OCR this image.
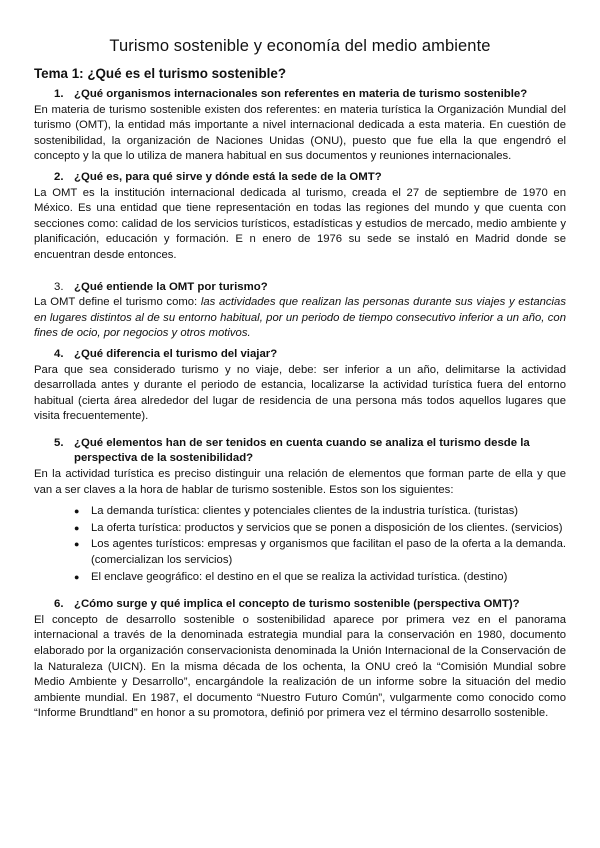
Turismo sostenible y economía del medio ambiente
Tema 1: ¿Qué es el turismo sostenible?
1. ¿Qué organismos internacionales son referentes en materia de turismo sostenible?

En materia de turismo sostenible existen dos referentes: en materia turística la Organización Mundial del turismo (OMT), la entidad más importante a nivel internacional dedicada a esta materia. En cuestión de sostenibilidad, la organización de Naciones Unidas (ONU), puesto que fue ella la que engendró el concepto y la que lo utiliza de manera habitual en sus documentos y reuniones internacionales.

2. ¿Qué es, para qué sirve y dónde está la sede de la OMT?

La OMT es la institución internacional dedicada al turismo, creada el 27 de septiembre de 1970 en México. Es una entidad que tiene representación en todas las regiones del mundo y que cuenta con secciones como: calidad de los servicios turísticos, estadísticas y estudios de mercado, medio ambiente y planificación, educación y formación. E n enero de 1976 su sede se instaló en Madrid donde se encuentran desde entonces.

3. ¿Qué entiende la OMT por turismo?

La OMT define el turismo como: las actividades que realizan las personas durante sus viajes y estancias en lugares distintos al de su entorno habitual, por un periodo de tiempo consecutivo inferior a un año, con fines de ocio, por negocios y otros motivos.

4. ¿Qué diferencia el turismo del viajar?

Para que sea considerado turismo y no viaje, debe: ser inferior a un año, delimitarse la actividad desarrollada antes y durante el periodo de estancia, localizarse la actividad turística fuera del entorno habitual (cierta área alrededor del lugar de residencia de una persona más todos aquellos lugares que visita frecuentemente).

5. ¿Qué elementos han de ser tenidos en cuenta cuando se analiza el turismo desde la perspectiva de la sostenibilidad?

En la actividad turística es preciso distinguir una relación de elementos que forman parte de ella y que van a ser claves a la hora de hablar de turismo sostenible. Estos son los siguientes:

●	La demanda turística: clientes y potenciales clientes de la industria turística. (turistas)
●	La oferta turística: productos y servicios que se ponen a disposición de los clientes. (servicios)
●	Los agentes turísticos: empresas y organismos que facilitan el paso de la oferta a la demanda. (comercializan los servicios)
●	El enclave geográfico: el destino en el que se realiza la actividad turística. (destino)
6. ¿Cómo surge y qué implica el concepto de turismo sostenible (perspectiva OMT)?

El concepto de desarrollo sostenible o sostenibilidad aparece por primera vez en el panorama internacional a través de la denominada estrategia mundial para la conservación en 1980, documento elaborado por la organización conservacionista denominada la Unión Internacional de la Conservación de la Naturaleza (UICN). En la misma década de los ochenta, la ONU creó la “Comisión Mundial sobre Medio Ambiente y Desarrollo”, encargándole la realización de un informe sobre la situación del medio ambiente mundial. En 1987, el documento “Nuestro Futuro Común”, vulgarmente como conocido como “Informe Brundtland” en honor a su promotora, definió por primera vez el término desarrollo sostenible.
